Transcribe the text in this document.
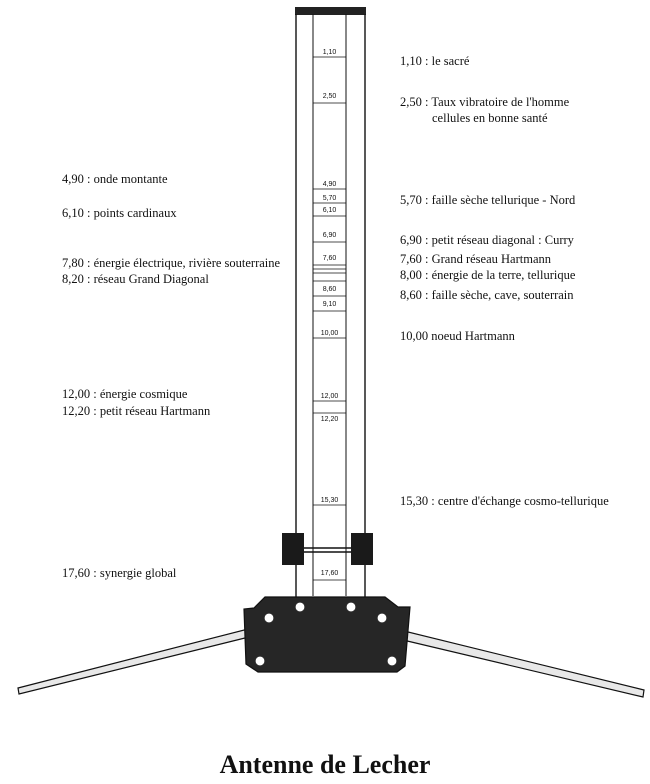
1,10
2,50
4,90
5,70
6,10
6,90
7,60
8,60
9,10
10,00
12,00
12,20
15,30
17,60
4,90 : onde montante
6,10 : points cardinaux
7,80 : énergie électrique, rivière souterraine
8,20 : réseau Grand Diagonal
12,00 : énergie cosmique
12,20 : petit réseau Hartmann
17,60 : synergie global
1,10 : le sacré
2,50 : Taux vibratoire de l'homme
cellules en bonne santé
5,70 : faille sèche tellurique - Nord
6,90 : petit réseau diagonal : Curry
7,60 : Grand réseau Hartmann
8,00 : énergie de la terre, tellurique
8,60 : faille sèche, cave, souterrain
10,00 noeud Hartmann
15,30 : centre d'échange cosmo-tellurique
Antenne de Lecher
